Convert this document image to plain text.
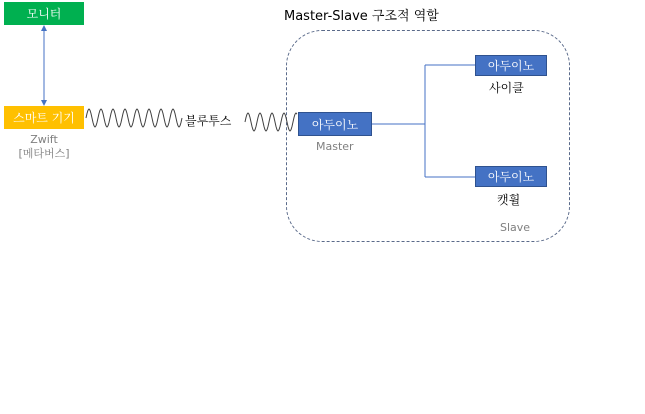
Master-Slave 구조적 역할
모니터
스마트 기기
Zwift
[메타버스]
블루투스	아두이노
Master
아두이노
사이클
아두이노
캣휠
Slave
